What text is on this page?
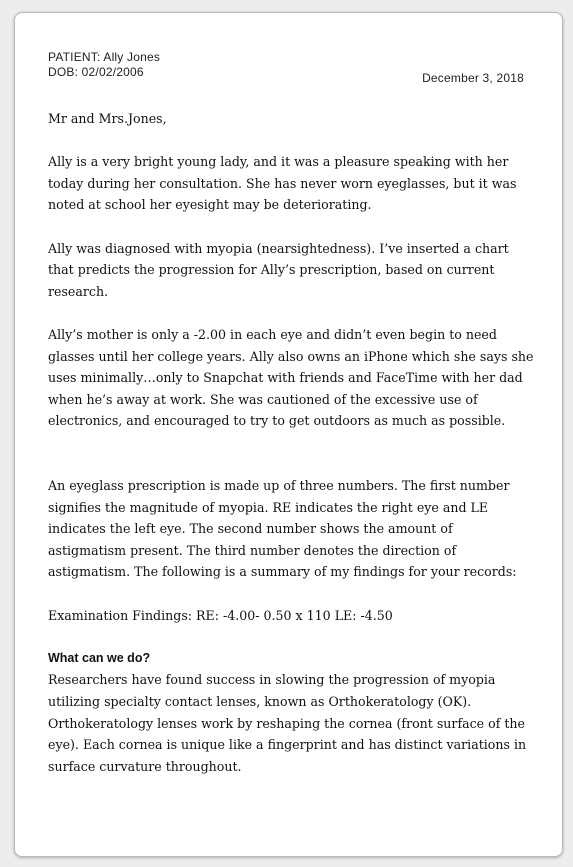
PATIENT: Ally Jones
DOB: 02/02/2006	December 3, 2018

Mr and Mrs.Jones,

Ally is a very bright young lady, and it was a pleasure speaking with her today during her consultation. She has never worn eyeglasses, but it was noted at school her eyesight may be deteriorating.

Ally was diagnosed with myopia (nearsightedness). I’ve inserted a chart that predicts the progression for Ally’s prescription, based on current research.

Ally’s mother is only a -2.00 in each eye and didn’t even begin to need glasses until her college years. Ally also owns an iPhone which she says she uses minimally…only to Snapchat with friends and FaceTime with her dad when he’s away at work. She was cautioned of the excessive use of electronics, and encouraged to try to get outdoors as much as possible.

An eyeglass prescription is made up of three numbers. The first number signifies the magnitude of myopia. RE indicates the right eye and LE indicates the left eye. The second number shows the amount of astigmatism present. The third number denotes the direction of astigmatism. The following is a summary of my findings for your records:

Examination Findings: RE: -4.00- 0.50 x 110 LE: -4.50

What can we do?

Researchers have found success in slowing the progression of myopia utilizing specialty contact lenses, known as Orthokeratology (OK). Orthokeratology lenses work by reshaping the cornea (front surface of the eye). Each cornea is unique like a fingerprint and has distinct variations in surface curvature throughout.
